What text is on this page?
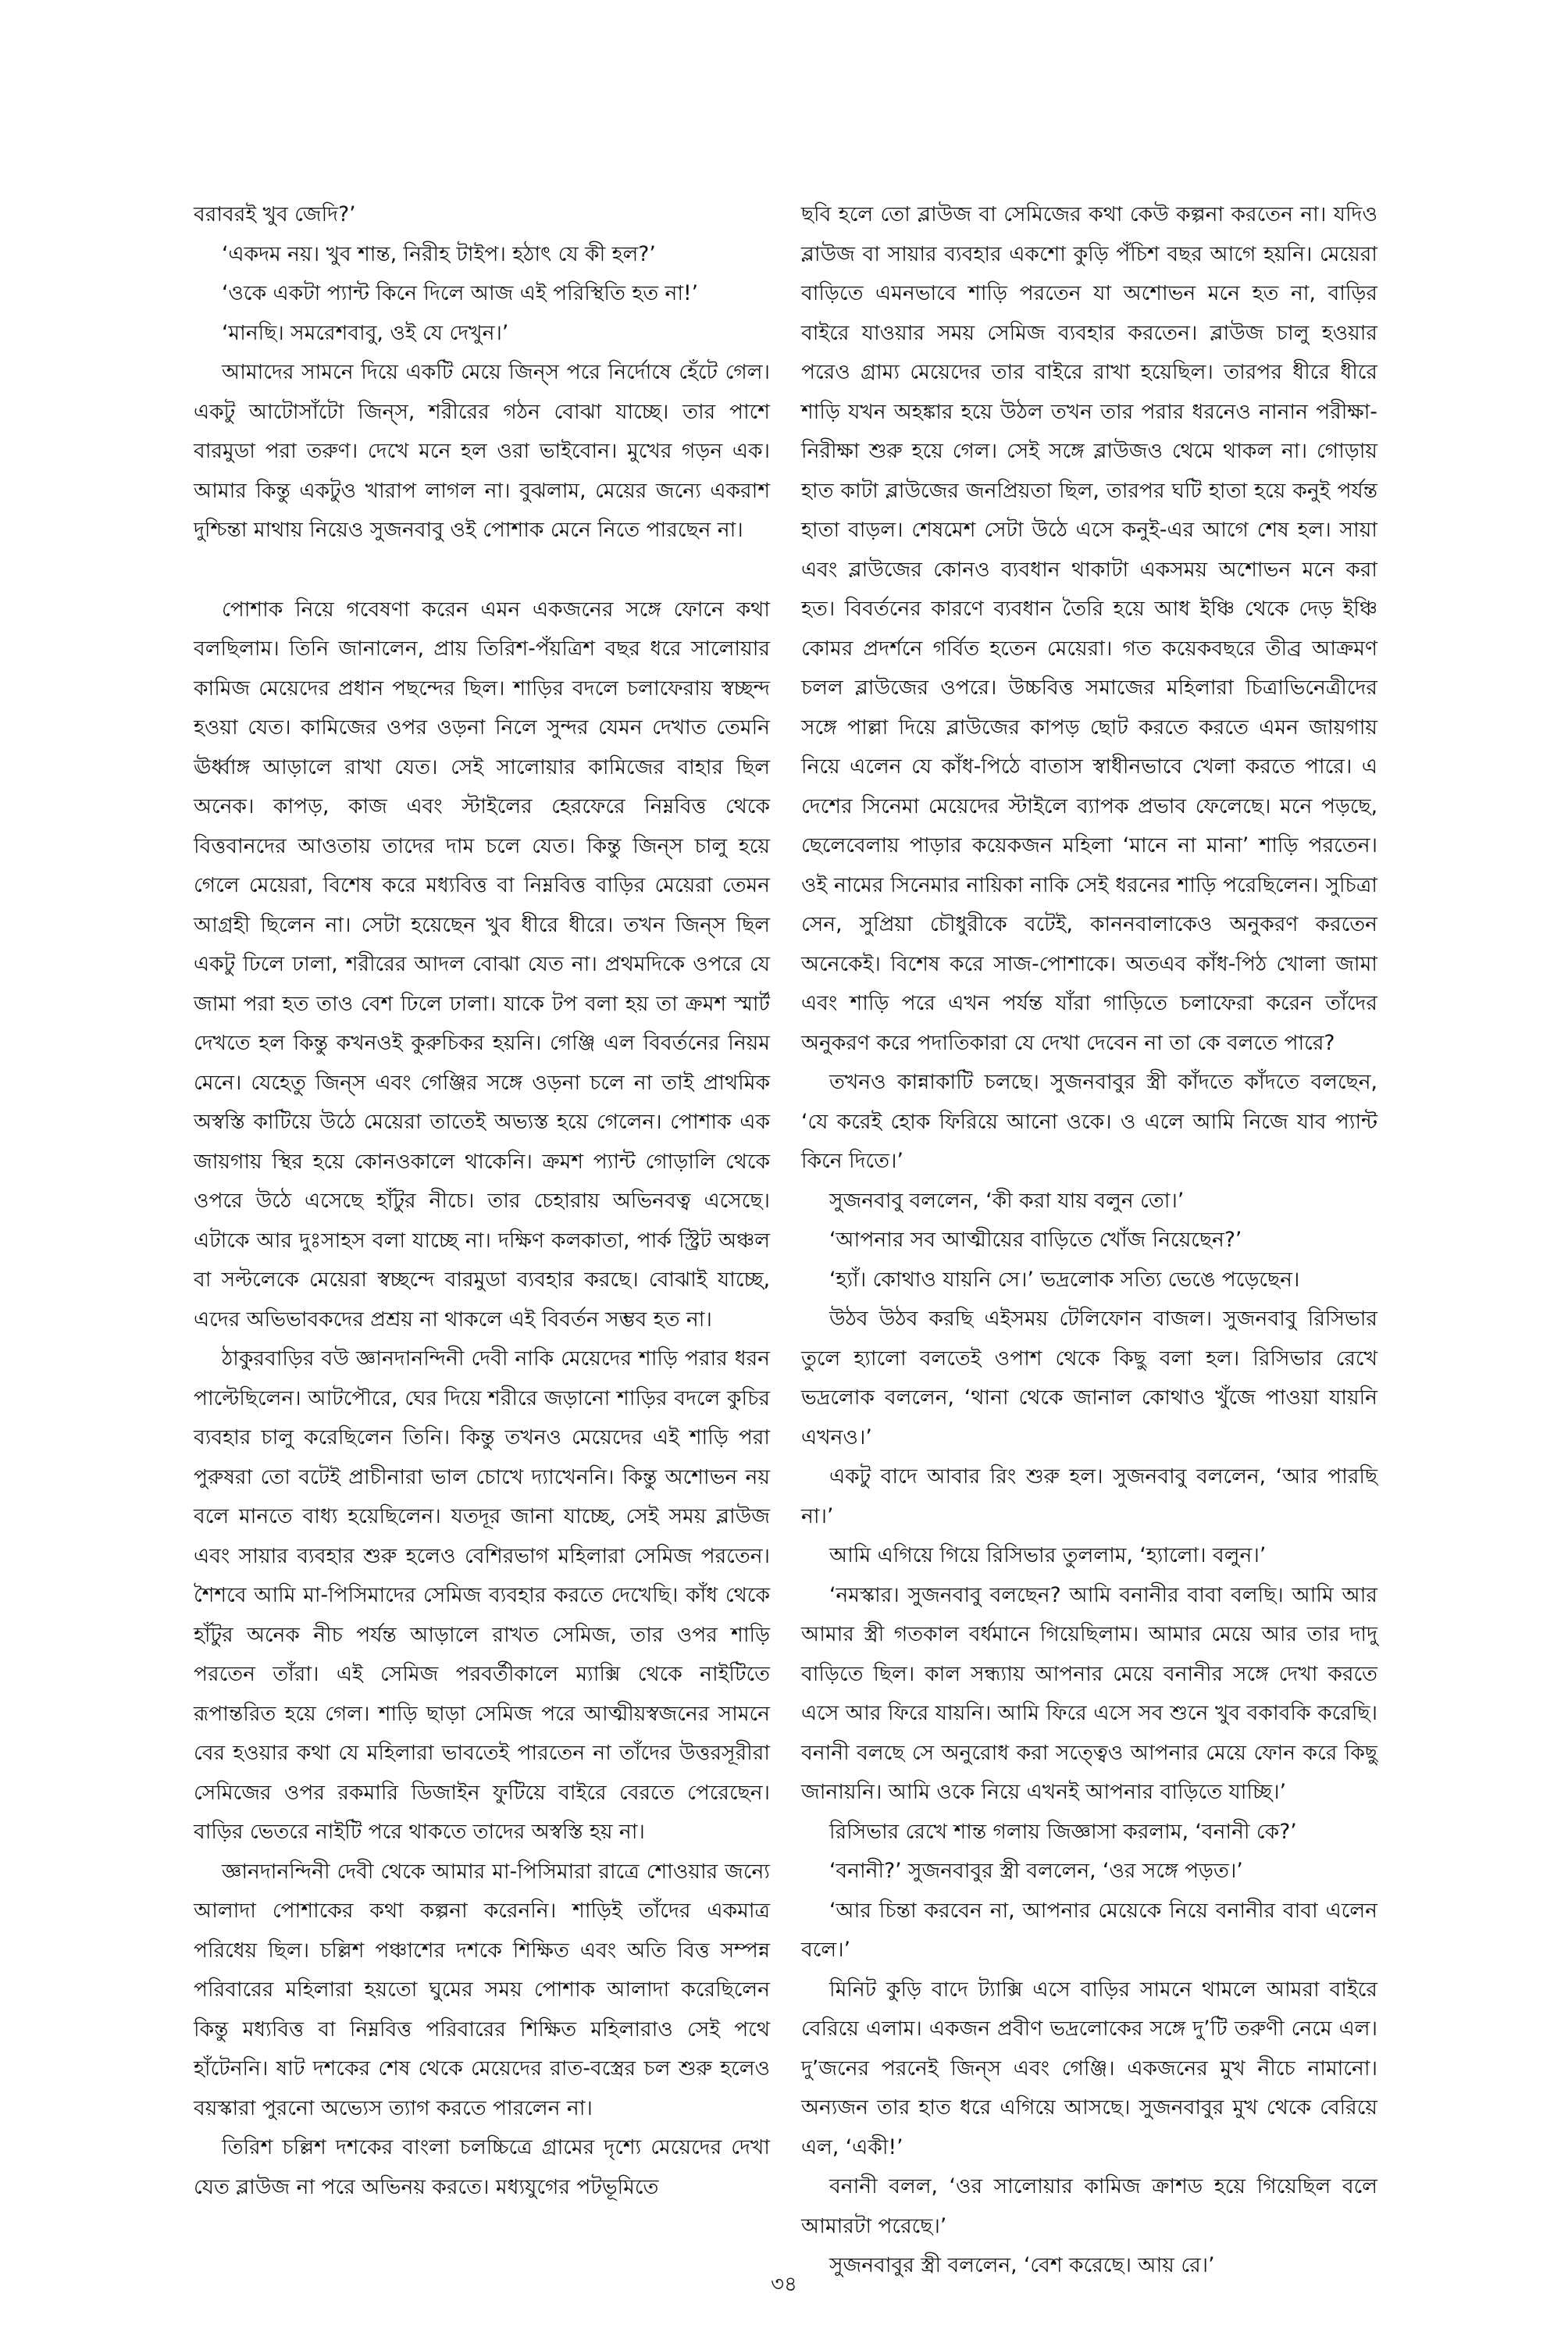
বরাবরই খুব জেদি?’

‘একদম নয়। খুব শান্ত, নিরীহ টাইপ। হঠাৎ যে কী হল?’

‘ওকে একটা প্যান্ট কিনে দিলে আজ এই পরিস্থিতি হত না!’

‘মানছি। সমরেশবাবু, ওই যে দেখুন।’

আমাদের সামনে দিয়ে একটি মেয়ে জিন্‌স পরে নির্দোষে হেঁটে গেল। একটু আটোসাঁটো জিন্‌স, শরীরের গঠন বোঝা যাচ্ছে। তার পাশে বারমুডা পরা তরুণ। দেখে মনে হল ওরা ভাইবোন। মুখের গড়ন এক। আমার কিন্তু একটুও খারাপ লাগল না। বুঝলাম, মেয়ের জন্যে একরাশ দুশ্চিন্তা মাথায় নিয়েও সুজনবাবু ওই পোশাক মেনে নিতে পারছেন না।

পোশাক নিয়ে গবেষণা করেন এমন একজনের সঙ্গে ফোনে কথা বলছিলাম। তিনি জানালেন, প্রায় তিরিশ-পঁয়ত্রিশ বছর ধরে সালোয়ার কামিজ মেয়েদের প্রধান পছন্দের ছিল। শাড়ির বদলে চলাফেরায় স্বচ্ছন্দ হওয়া যেত। কামিজের ওপর ওড়না নিলে সুন্দর যেমন দেখাত তেমনি ঊর্ধ্বাঙ্গ আড়ালে রাখা যেত। সেই সালোয়ার কামিজের বাহার ছিল অনেক। কাপড়, কাজ এবং স্টাইলের হেরফেরে নিম্নবিত্ত থেকে বিত্তবানদের আওতায় তাদের দাম চলে যেত। কিন্তু জিন্‌স চালু হয়ে গেলে মেয়েরা, বিশেষ করে মধ্যবিত্ত বা নিম্নবিত্ত বাড়ির মেয়েরা তেমন আগ্রহী ছিলেন না। সেটা হয়েছেন খুব ধীরে ধীরে। তখন জিন্‌স ছিল একটু ঢিলে ঢালা, শরীরের আদল বোঝা যেত না। প্রথমদিকে ওপরে যে জামা পরা হত তাও বেশ ঢিলে ঢালা। যাকে টপ বলা হয় তা ক্রমশ স্মার্ট দেখতে হল কিন্তু কখনওই কুরুচিকর হয়নি। গেঞ্জি এল বিবর্তনের নিয়ম মেনে। যেহেতু জিন্‌স এবং গেঞ্জির সঙ্গে ওড়না চলে না তাই প্রাথমিক অস্বস্তি কাটিয়ে উঠে মেয়েরা তাতেই অভ্যস্ত হয়ে গেলেন। পোশাক এক জায়গায় স্থির হয়ে কোনওকালে থাকেনি। ক্রমশ প্যান্ট গোড়ালি থেকে ওপরে উঠে এসেছে হাঁটুর নীচে। তার চেহারায় অভিনবত্ব এসেছে। এটাকে আর দুঃসাহস বলা যাচ্ছে না। দক্ষিণ কলকাতা, পার্ক স্ট্রিট অঞ্চল বা সল্টলেকে মেয়েরা স্বচ্ছন্দে বারমুডা ব্যবহার করছে। বোঝাই যাচ্ছে, এদের অভিভাবকদের প্রশ্রয় না থাকলে এই বিবর্তন সম্ভব হত না।

ঠাকুরবাড়ির বউ জ্ঞানদানন্দিনী দেবী নাকি মেয়েদের শাড়ি পরার ধরন পাল্টেছিলেন। আটপৌরে, ঘের দিয়ে শরীরে জড়ানো শাড়ির বদলে কুচির ব্যবহার চালু করেছিলেন তিনি। কিন্তু তখনও মেয়েদের এই শাড়ি পরা পুরুষরা তো বটেই প্রাচীনারা ভাল চোখে দ্যাখেননি। কিন্তু অশোভন নয় বলে মানতে বাধ্য হয়েছিলেন। যতদূর জানা যাচ্ছে, সেই সময় ব্লাউজ এবং সায়ার ব্যবহার শুরু হলেও বেশিরভাগ মহিলারা সেমিজ পরতেন। শৈশবে আমি মা-পিসিমাদের সেমিজ ব্যবহার করতে দেখেছি। কাঁধ থেকে হাঁটুর অনেক নীচ পর্যন্ত আড়ালে রাখত সেমিজ, তার ওপর শাড়ি পরতেন তাঁরা। এই সেমিজ পরবর্তীকালে ম্যাক্সি থেকে নাইটিতে রূপান্তরিত হয়ে গেল। শাড়ি ছাড়া সেমিজ পরে আত্মীয়স্বজনের সামনে বের হওয়ার কথা যে মহিলারা ভাবতেই পারতেন না তাঁদের উত্তরসূরীরা সেমিজের ওপর রকমারি ডিজাইন ফুটিয়ে বাইরে বেরতে পেরেছেন। বাড়ির ভেতরে নাইটি পরে থাকতে তাদের অস্বস্তি হয় না।

জ্ঞানদানন্দিনী দেবী থেকে আমার মা-পিসিমারা রাত্রে শোওয়ার জন্যে আলাদা পোশাকের কথা কল্পনা করেননি। শাড়িই তাঁদের একমাত্র পরিধেয় ছিল। চল্লিশ পঞ্চাশের দশকে শিক্ষিত এবং অতি বিত্ত সম্পন্ন পরিবারের মহিলারা হয়তো ঘুমের সময় পোশাক আলাদা করেছিলেন কিন্তু মধ্যবিত্ত বা নিম্নবিত্ত পরিবারের শিক্ষিত মহিলারাও সেই পথে হাঁটেননি। ষাট দশকের শেষ থেকে মেয়েদের রাত-বস্ত্রের চল শুরু হলেও বয়স্কারা পুরনো অভ্যেস ত্যাগ করতে পারলেন না।

তিরিশ চল্লিশ দশকের বাংলা চলচ্চিত্রে গ্রামের দৃশ্যে মেয়েদের দেখা যেত ব্লাউজ না পরে অভিনয় করতে। মধ্যযুগের পটভূমিতে

ছবি হলে তো ব্লাউজ বা সেমিজের কথা কেউ কল্পনা করতেন না। যদিও ব্লাউজ বা সায়ার ব্যবহার একশো কুড়ি পঁচিশ বছর আগে হয়নি। মেয়েরা বাড়িতে এমনভাবে শাড়ি পরতেন যা অশোভন মনে হত না, বাড়ির বাইরে যাওয়ার সময় সেমিজ ব্যবহার করতেন। ব্লাউজ চালু হওয়ার পরেও গ্রাম্য মেয়েদের তার বাইরে রাখা হয়েছিল। তারপর ধীরে ধীরে শাড়ি যখন অহঙ্কার হয়ে উঠল তখন তার পরার ধরনেও নানান পরীক্ষা-নিরীক্ষা শুরু হয়ে গেল। সেই সঙ্গে ব্লাউজও থেমে থাকল না। গোড়ায় হাত কাটা ব্লাউজের জনপ্রিয়তা ছিল, তারপর ঘটি হাতা হয়ে কনুই পর্যন্ত হাতা বাড়ল। শেষমেশ সেটা উঠে এসে কনুই-এর আগে শেষ হল। সায়া এবং ব্লাউজের কোনও ব্যবধান থাকাটা একসময় অশোভন মনে করা হত। বিবর্তনের কারণে ব্যবধান তৈরি হয়ে আধ ইঞ্চি থেকে দেড় ইঞ্চি কোমর প্রদর্শনে গর্বিত হতেন মেয়েরা। গত কয়েকবছরে তীব্র আক্রমণ চলল ব্লাউজের ওপরে। উচ্চবিত্ত সমাজের মহিলারা চিত্রাভিনেত্রীদের সঙ্গে পাল্লা দিয়ে ব্লাউজের কাপড় ছোট করতে করতে এমন জায়গায় নিয়ে এলেন যে কাঁধ-পিঠে বাতাস স্বাধীনভাবে খেলা করতে পারে। এ দেশের সিনেমা মেয়েদের স্টাইলে ব্যাপক প্রভাব ফেলেছে। মনে পড়ছে, ছেলেবেলায় পাড়ার কয়েকজন মহিলা ‘মানে না মানা’ শাড়ি পরতেন। ওই নামের সিনেমার নায়িকা নাকি সেই ধরনের শাড়ি পরেছিলেন। সুচিত্রা সেন, সুপ্রিয়া চৌধুরীকে বটেই, কাননবালাকেও অনুকরণ করতেন অনেকেই। বিশেষ করে সাজ-পোশাকে। অতএব কাঁধ-পিঠ খোলা জামা এবং শাড়ি পরে এখন পর্যন্ত যাঁরা গাড়িতে চলাফেরা করেন তাঁদের অনুকরণ করে পদাতিকারা যে দেখা দেবেন না তা কে বলতে পারে?

তখনও কান্নাকাটি চলছে। সুজনবাবুর স্ত্রী কাঁদতে কাঁদতে বলছেন, ‘যে করেই হোক ফিরিয়ে আনো ওকে। ও এলে আমি নিজে যাব প্যান্ট কিনে দিতে।’

সুজনবাবু বললেন, ‘কী করা যায় বলুন তো।’

‘আপনার সব আত্মীয়ের বাড়িতে খোঁজ নিয়েছেন?’

‘হ্যাঁ। কোথাও যায়নি সে।’ ভদ্রলোক সত্যি ভেঙে পড়েছেন।

উঠব উঠব করছি এইসময় টেলিফোন বাজল। সুজনবাবু রিসিভার তুলে হ্যালো বলতেই ওপাশ থেকে কিছু বলা হল। রিসিভার রেখে ভদ্রলোক বললেন, ‘থানা থেকে জানাল কোথাও খুঁজে পাওয়া যায়নি এখনও।’

একটু বাদে আবার রিং শুরু হল। সুজনবাবু বললেন, ‘আর পারছি না।’

আমি এগিয়ে গিয়ে রিসিভার তুললাম, ‘হ্যালো। বলুন।’

‘নমস্কার। সুজনবাবু বলছেন? আমি বনানীর বাবা বলছি। আমি আর আমার স্ত্রী গতকাল বর্ধমানে গিয়েছিলাম। আমার মেয়ে আর তার দাদু বাড়িতে ছিল। কাল সন্ধ্যায় আপনার মেয়ে বনানীর সঙ্গে দেখা করতে এসে আর ফিরে যায়নি। আমি ফিরে এসে সব শুনে খুব বকাবকি করেছি। বনানী বলছে সে অনুরোধ করা সত্ত্বেও আপনার মেয়ে ফোন করে কিছু জানায়নি। আমি ওকে নিয়ে এখনই আপনার বাড়িতে যাচ্ছি।’

রিসিভার রেখে শান্ত গলায় জিজ্ঞাসা করলাম, ‘বনানী কে?’

‘বনানী?’ সুজনবাবুর স্ত্রী বললেন, ‘ওর সঙ্গে পড়ত।’

‘আর চিন্তা করবেন না, আপনার মেয়েকে নিয়ে বনানীর বাবা এলেন বলে।’

মিনিট কুড়ি বাদে ট্যাক্সি এসে বাড়ির সামনে থামলে আমরা বাইরে বেরিয়ে এলাম। একজন প্রবীণ ভদ্রলোকের সঙ্গে দু’টি তরুণী নেমে এল। দু’জনের পরনেই জিন্‌স এবং গেঞ্জি। একজনের মুখ নীচে নামানো। অন্যজন তার হাত ধরে এগিয়ে আসছে। সুজনবাবুর মুখ থেকে বেরিয়ে এল, ‘একী!’

বনানী বলল, ‘ওর সালোয়ার কামিজ ক্রাশড হয়ে গিয়েছিল বলে আমারটা পরেছে।’

সুজনবাবুর স্ত্রী বললেন, ‘বেশ করেছে। আয় রে।’

৩৪
